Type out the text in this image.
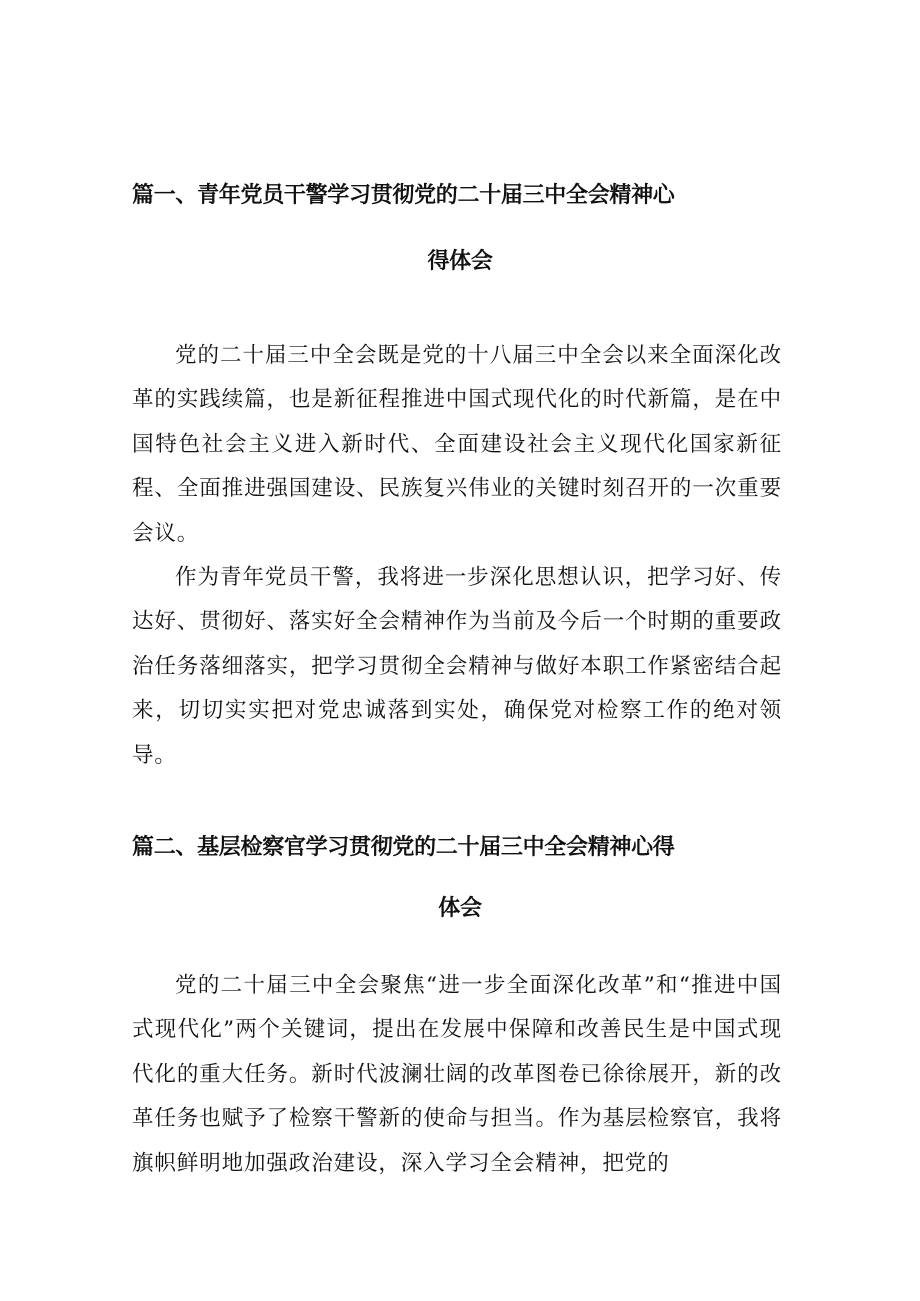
篇一、青年党员干警学习贯彻党的二十届三中全会精神心
得体会

党的二十届三中全会既是党的十八届三中全会以来全面深化改革的实践续篇，也是新征程推进中国式现代化的时代新篇，是在中国特色社会主义进入新时代、全面建设社会主义现代化国家新征程、全面推进强国建设、民族复兴伟业的关键时刻召开的一次重要会议。

作为青年党员干警，我将进一步深化思想认识，把学习好、传达好、贯彻好、落实好全会精神作为当前及今后一个时期的重要政治任务落细落实，把学习贯彻全会精神与做好本职工作紧密结合起来，切切实实把对党忠诚落到实处，确保党对检察工作的绝对领导。

篇二、基层检察官学习贯彻党的二十届三中全会精神心得
体会

党的二十届三中全会聚焦“进一步全面深化改革”和“推进中国式现代化”两个关键词，提出在发展中保障和改善民生是中国式现代化的重大任务。新时代波澜壮阔的改革图卷已徐徐展开，新的改革任务也赋予了检察干警新的使命与担当。作为基层检察官，我将旗帜鲜明地加强政治建设，深入学习全会精神，把党的
